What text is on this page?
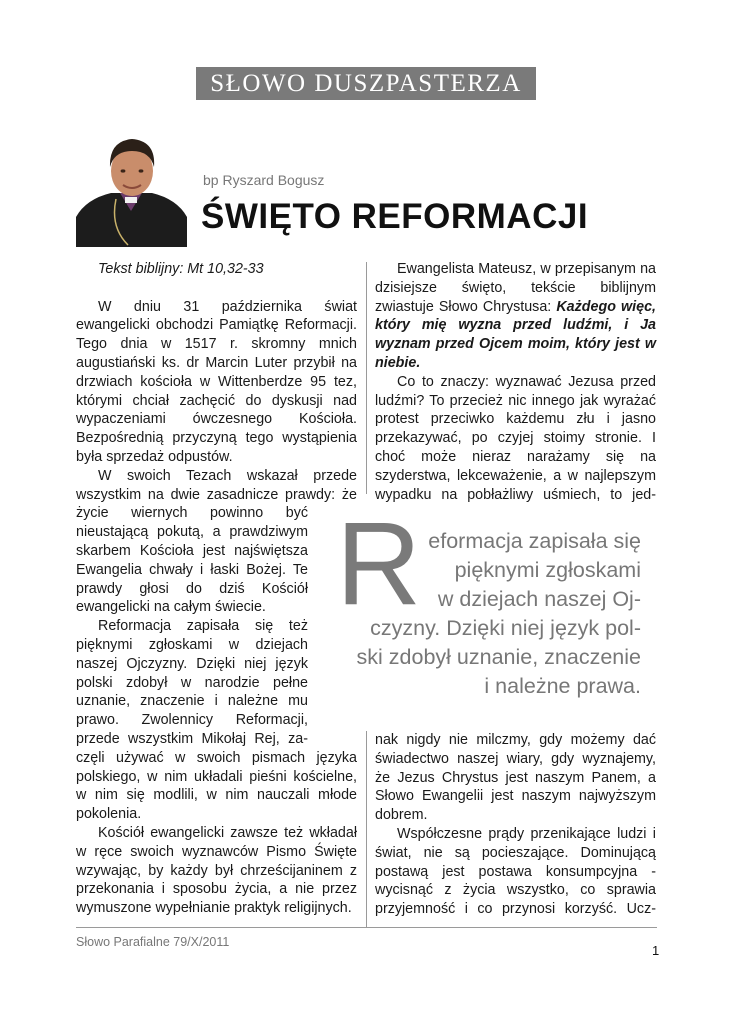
SŁOWO DUSZPASTERZA
bp Ryszard Bogusz
ŚWIĘTO REFORMACJI

Tekst biblijny: Mt 10,32-33

W dniu 31 października świat ewangelicki obchodzi Pamiątkę Reformacji. Tego dnia w 1517 r. skromny mnich augustiański ks. dr Marcin Luter przybił na drzwiach kościoła w Wittenberdze 95 tez, którymi chciał zachęcić do dyskusji nad wypaczeniami ówczesnego Kościoła. Bezpośrednią przyczyną tego wystąpienia była sprzedaż odpustów.

W swoich Tezach wskazał przede wszystkim na dwie zasadnicze prawdy: że

życie wiernych powinno być nieustającą pokutą, a prawdziwym skarbem Kościoła jest najświętsza Ewangelia chwały i łaski Bożej. Te prawdy głosi do dziś Kościół ewangelicki na całym świecie.

Reformacja zapisała się też pięknymi zgłoskami w dziejach naszej Ojczyzny. Dzięki niej język polski zdobył w narodzie pełne uznanie, znaczenie i należne mu prawo. Zwolennicy Reformacji, przede wszystkim Mikołaj Rej, za-

częli używać w swoich pismach języka polskiego, w nim układali pieśni kościelne, w nim się modlili, w nim nauczali młode pokolenia.

Kościół ewangelicki zawsze też wkładał w ręce swoich wyznawców Pismo Święte wzywając, by każdy był chrześcijaninem z przekonania i sposobu życia, a nie przez wymuszone wypełnianie praktyk religijnych.

Ewangelista Mateusz, w przepisanym na dzisiejsze święto, tekście biblijnym zwiastuje Słowo Chrystusa: Każdego więc, który mię wyzna przed ludźmi, i Ja wyznam przed Ojcem moim, który jest w niebie.

Co to znaczy: wyznawać Jezusa przed ludźmi? To przecież nic innego jak wyrażać protest przeciwko każdemu złu i jasno przekazywać, po czyjej stoimy stronie. I choć może nieraz narażamy się na szyderstwa, lekceważenie, a w najlepszym wypadku na pobłażliwy uśmiech, to jed-

R eformacja zapisała się
pięknymi zgłoskami
w dziejach naszej Oj-
czyzny. Dzięki niej język pol-
ski zdobył uznanie, znaczenie
i należne prawa.

nak nigdy nie milczmy, gdy możemy dać świadectwo naszej wiary, gdy wyznajemy, że Jezus Chrystus jest naszym Panem, a Słowo Ewangelii jest naszym najwyższym dobrem.

Współczesne prądy przenikające ludzi i świat, nie są pocieszające. Dominującą postawą jest postawa konsumpcyjna - wycisnąć z życia wszystko, co sprawia przyjemność i co przynosi korzyść. Ucz-

Słowo Parafialne 79/X/2011
1
